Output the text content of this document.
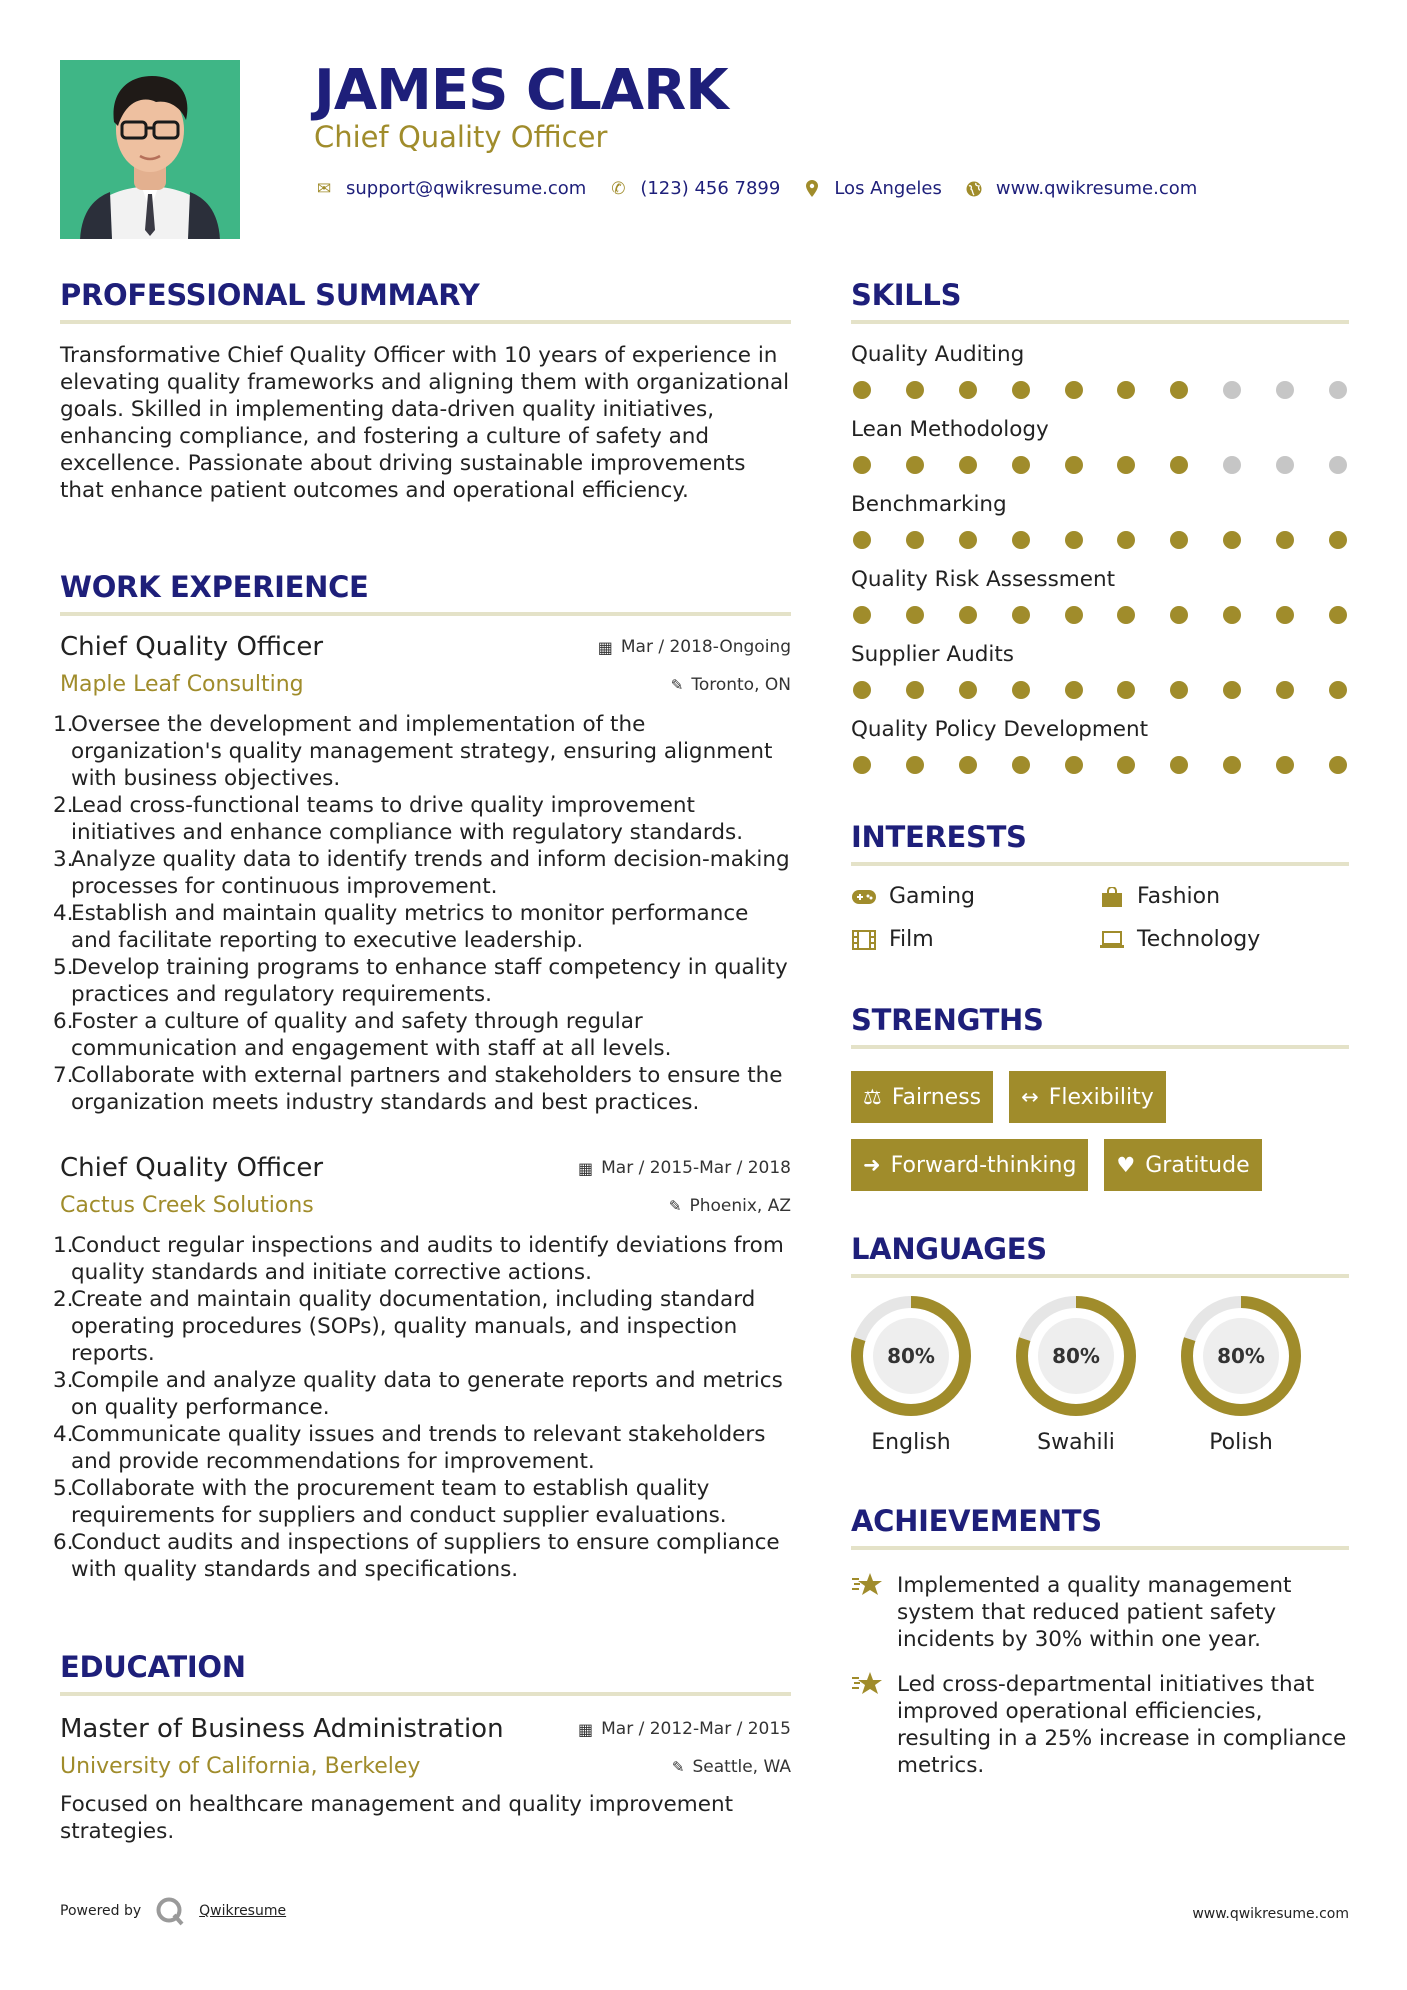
JAMES CLARK
Chief Quality Officer
✉ support@qwikresume.com ✆ (123) 456 7899	Los Angeles	www.qwikresume.com
PROFESSIONAL SUMMARY

Transformative Chief Quality Officer with 10 years of experience in elevating quality frameworks and aligning them with organizational goals. Skilled in implementing data-driven quality initiatives, enhancing compliance, and fostering a culture of safety and excellence. Passionate about driving sustainable improvements that enhance patient outcomes and operational efficiency.

WORK EXPERIENCE
Chief Quality Officer	▦ Mar / 2018-Ongoing
Maple Leaf Consulting	✎ Toronto, ON
1.
Oversee the development and implementation of the organization's quality management strategy, ensuring alignment with business objectives.
2.
Lead cross-functional teams to drive quality improvement initiatives and enhance compliance with regulatory standards.
3.
Analyze quality data to identify trends and inform decision-making processes for continuous improvement.
4.
Establish and maintain quality metrics to monitor performance and facilitate reporting to executive leadership.
5.
Develop training programs to enhance staff competency in quality practices and regulatory requirements.
6.
Foster a culture of quality and safety through regular communication and engagement with staff at all levels.
7.
Collaborate with external partners and stakeholders to ensure the organization meets industry standards and best practices.
Chief Quality Officer	▦ Mar / 2015-Mar / 2018
Cactus Creek Solutions	✎ Phoenix, AZ
1.
Conduct regular inspections and audits to identify deviations from quality standards and initiate corrective actions.
2.
Create and maintain quality documentation, including standard operating procedures (SOPs), quality manuals, and inspection reports.
3.
Compile and analyze quality data to generate reports and metrics on quality performance.
4.
Communicate quality issues and trends to relevant stakeholders and provide recommendations for improvement.
5.
Collaborate with the procurement team to establish quality requirements for suppliers and conduct supplier evaluations.
6.
Conduct audits and inspections of suppliers to ensure compliance with quality standards and specifications.
EDUCATION
Master of Business Administration	▦ Mar / 2012-Mar / 2015
University of California, Berkeley	✎ Seattle, WA

Focused on healthcare management and quality improvement strategies.

SKILLS
Quality Auditing
Lean Methodology
Benchmarking
Quality Risk Assessment
Supplier Audits
Quality Policy Development
INTERESTS
Gaming	Fashion
Film	Technology
STRENGTHS
⚖ Fairness ↔ Flexibility
➜ Forward-thinking ♥ Gratitude
LANGUAGES
80%
English
80%
Swahili
80%
Polish
ACHIEVEMENTS
Implemented a quality management system that reduced patient safety incidents by 30% within one year.
Led cross-departmental initiatives that improved operational efficiencies, resulting in a 25% increase in compliance metrics.
Powered by	Qwikresume	www.qwikresume.com
